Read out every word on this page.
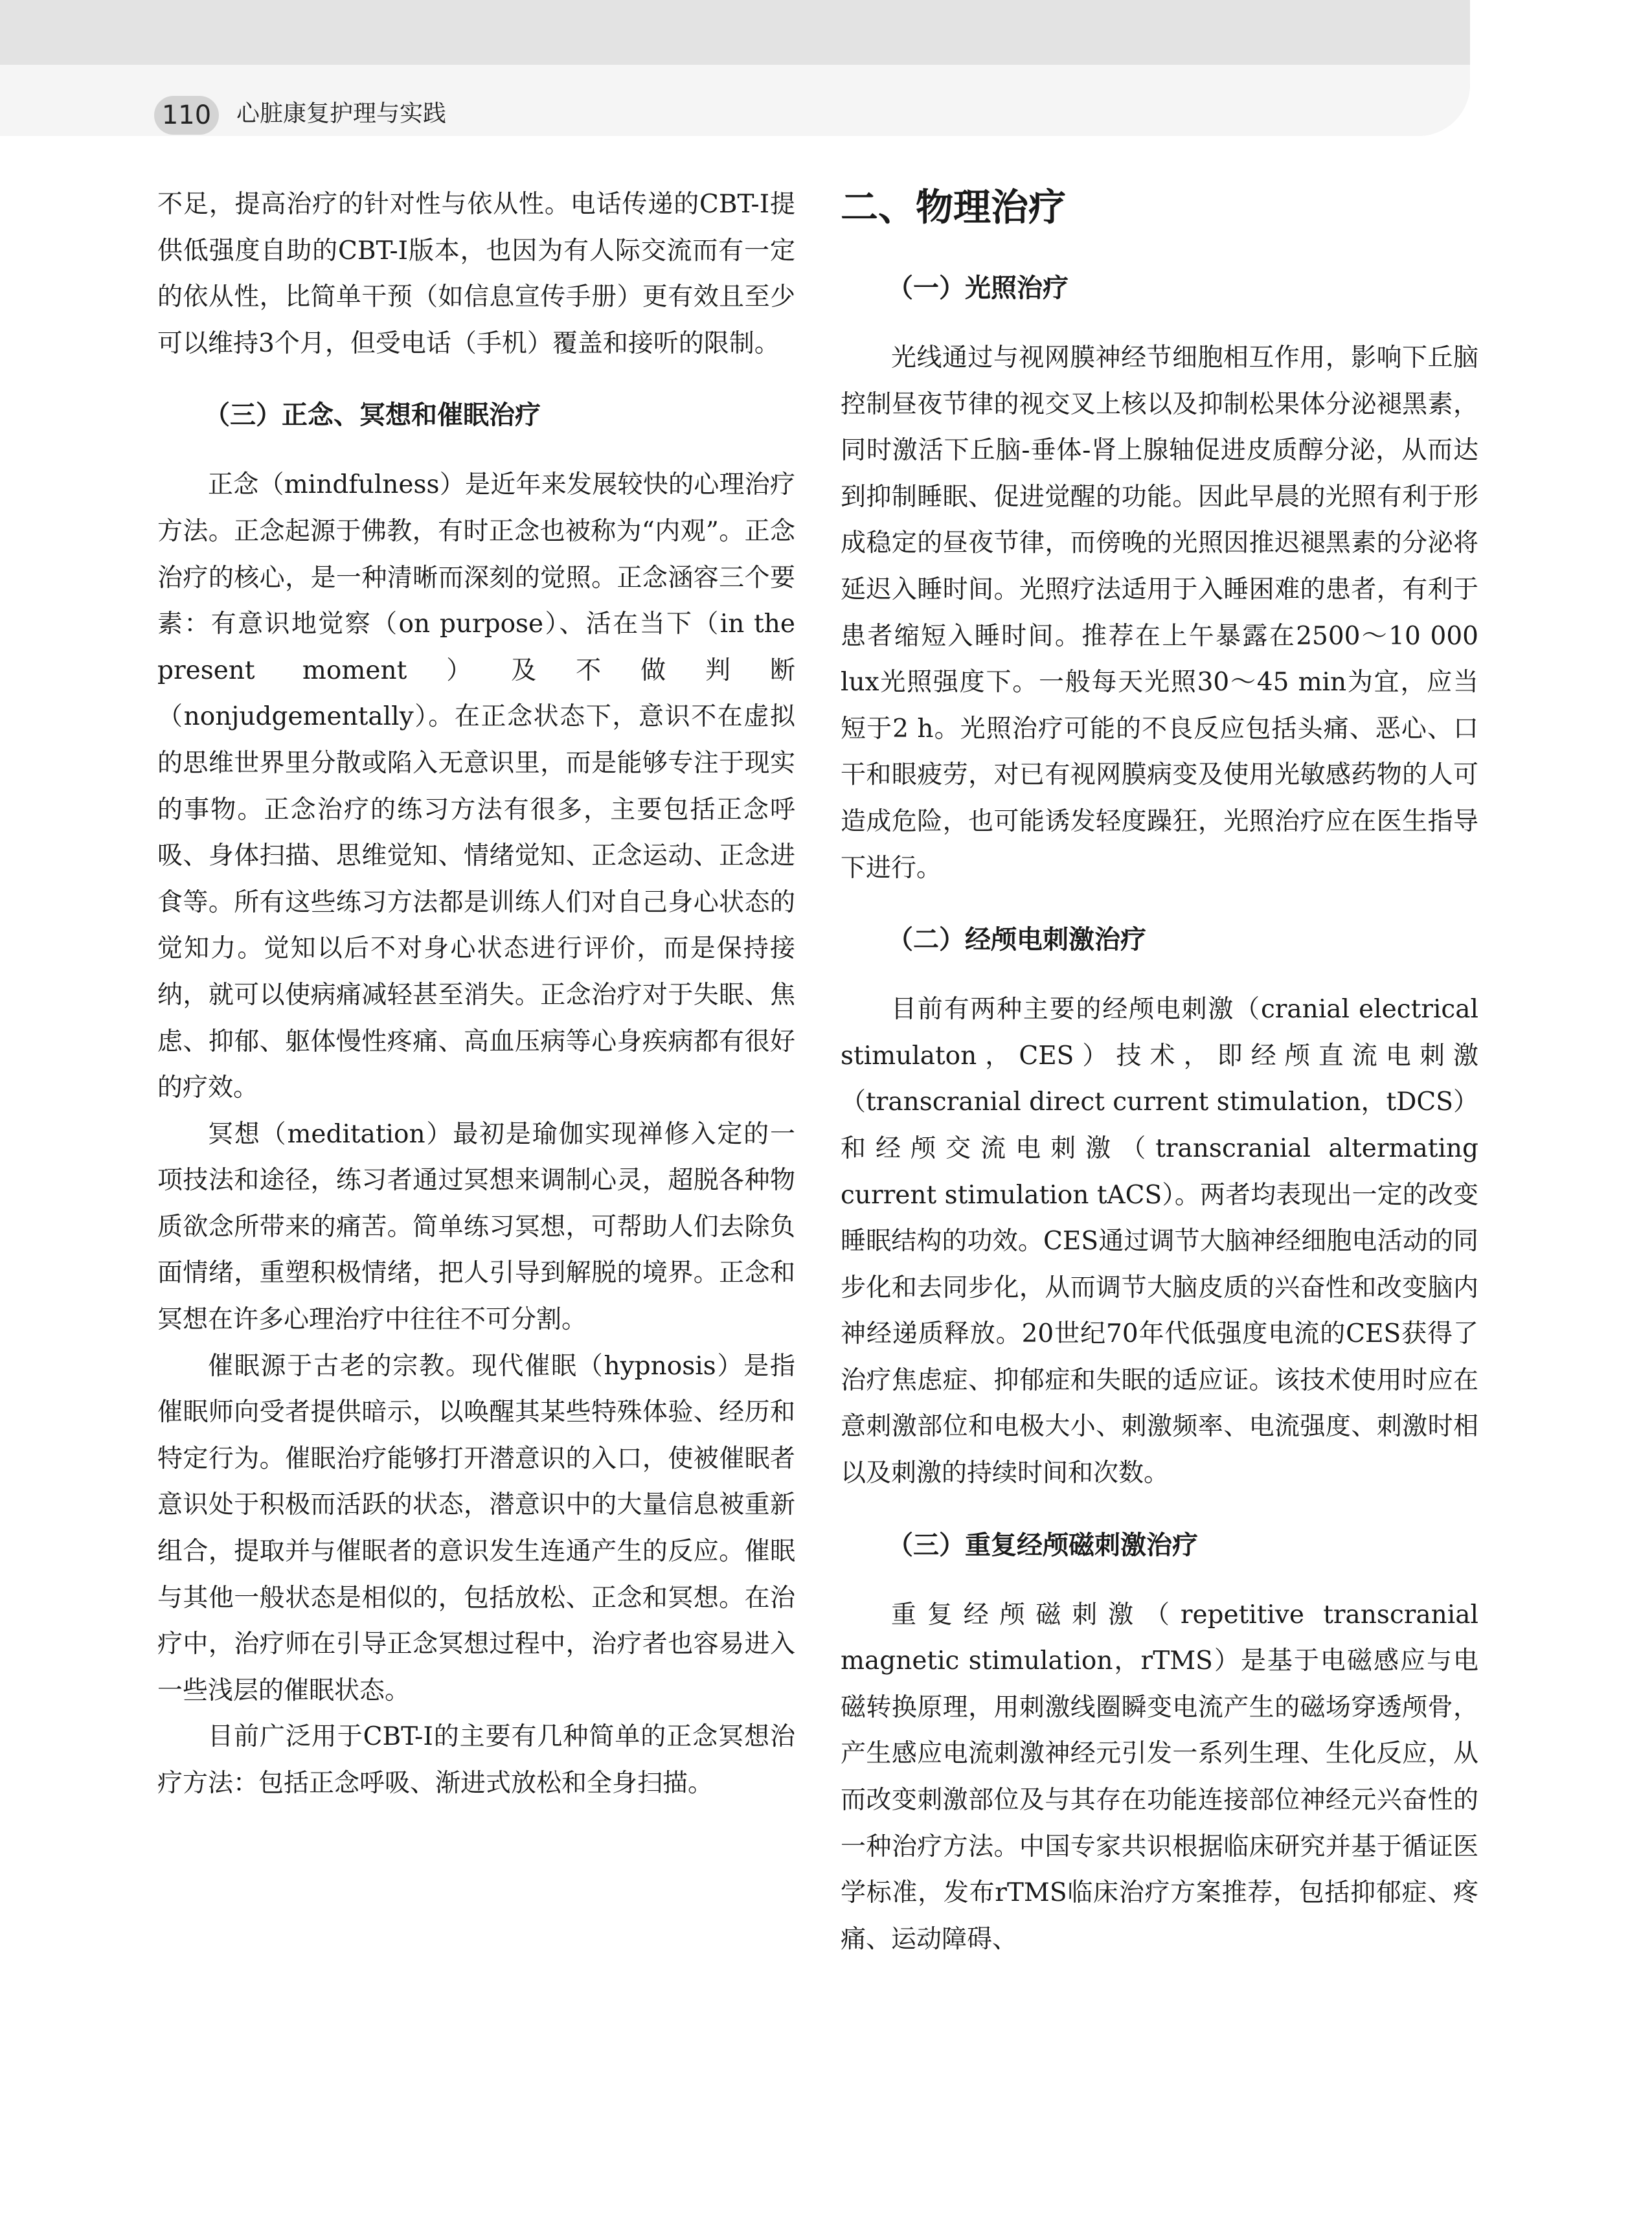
110	心脏康复护理与实践

不足，提高治疗的针对性与依从性。电话传递的CBT-I提供低强度自助的CBT-I版本，也因为有人际交流而有一定的依从性，比简单干预（如信息宣传手册）更有效且至少可以维持3个月，但受电话（手机）覆盖和接听的限制。

（三）正念、冥想和催眠治疗

正念（mindfulness）是近年来发展较快的心理治疗方法。正念起源于佛教，有时正念也被称为“内观”。正念治疗的核心，是一种清晰而深刻的觉照。正念涵容三个要素：有意识地觉察（on purpose）、活在当下（in the present moment）及不做判断（nonjudgementally）。在正念状态下，意识不在虚拟的思维世界里分散或陷入无意识里，而是能够专注于现实的事物。正念治疗的练习方法有很多，主要包括正念呼吸、身体扫描、思维觉知、情绪觉知、正念运动、正念进食等。所有这些练习方法都是训练人们对自己身心状态的觉知力。觉知以后不对身心状态进行评价，而是保持接纳，就可以使病痛减轻甚至消失。正念治疗对于失眠、焦虑、抑郁、躯体慢性疼痛、高血压病等心身疾病都有很好的疗效。

冥想（meditation）最初是瑜伽实现禅修入定的一项技法和途径，练习者通过冥想来调制心灵，超脱各种物质欲念所带来的痛苦。简单练习冥想，可帮助人们去除负面情绪，重塑积极情绪，把人引导到解脱的境界。正念和冥想在许多心理治疗中往往不可分割。

催眠源于古老的宗教。现代催眠（hypnosis）是指催眠师向受者提供暗示，以唤醒其某些特殊体验、经历和特定行为。催眠治疗能够打开潜意识的入口，使被催眠者意识处于积极而活跃的状态，潜意识中的大量信息被重新组合，提取并与催眠者的意识发生连通产生的反应。催眠与其他一般状态是相似的，包括放松、正念和冥想。在治疗中，治疗师在引导正念冥想过程中，治疗者也容易进入一些浅层的催眠状态。

目前广泛用于CBT-I的主要有几种简单的正念冥想治疗方法：包括正念呼吸、渐进式放松和全身扫描。

二、物理治疗
（一）光照治疗

光线通过与视网膜神经节细胞相互作用，影响下丘脑控制昼夜节律的视交叉上核以及抑制松果体分泌褪黑素，同时激活下丘脑-垂体-肾上腺轴促进皮质醇分泌，从而达到抑制睡眠、促进觉醒的功能。因此早晨的光照有利于形成稳定的昼夜节律，而傍晚的光照因推迟褪黑素的分泌将延迟入睡时间。光照疗法适用于入睡困难的患者，有利于患者缩短入睡时间。推荐在上午暴露在2500～10 000 lux光照强度下。一般每天光照30～45 min为宜，应当短于2 h。光照治疗可能的不良反应包括头痛、恶心、口干和眼疲劳，对已有视网膜病变及使用光敏感药物的人可造成危险，也可能诱发轻度躁狂，光照治疗应在医生指导下进行。

（二）经颅电刺激治疗

目前有两种主要的经颅电刺激（cranial electrical stimulaton，CES）技术，即经颅直流电刺激（transcranial direct current stimulation，tDCS）和经颅交流电刺激（transcranial altermating current stimulation tACS）。两者均表现出一定的改变睡眠结构的功效。CES通过调节大脑神经细胞电活动的同步化和去同步化，从而调节大脑皮质的兴奋性和改变脑内神经递质释放。20世纪70年代低强度电流的CES获得了治疗焦虑症、抑郁症和失眠的适应证。该技术使用时应在意刺激部位和电极大小、刺激频率、电流强度、刺激时相以及刺激的持续时间和次数。

（三）重复经颅磁刺激治疗

重复经颅磁刺激（repetitive transcranial magnetic stimulation，rTMS）是基于电磁感应与电磁转换原理，用刺激线圈瞬变电流产生的磁场穿透颅骨，产生感应电流刺激神经元引发一系列生理、生化反应，从而改变刺激部位及与其存在功能连接部位神经元兴奋性的一种治疗方法。中国专家共识根据临床研究并基于循证医学标准，发布rTMS临床治疗方案推荐，包括抑郁症、疼痛、运动障碍、
